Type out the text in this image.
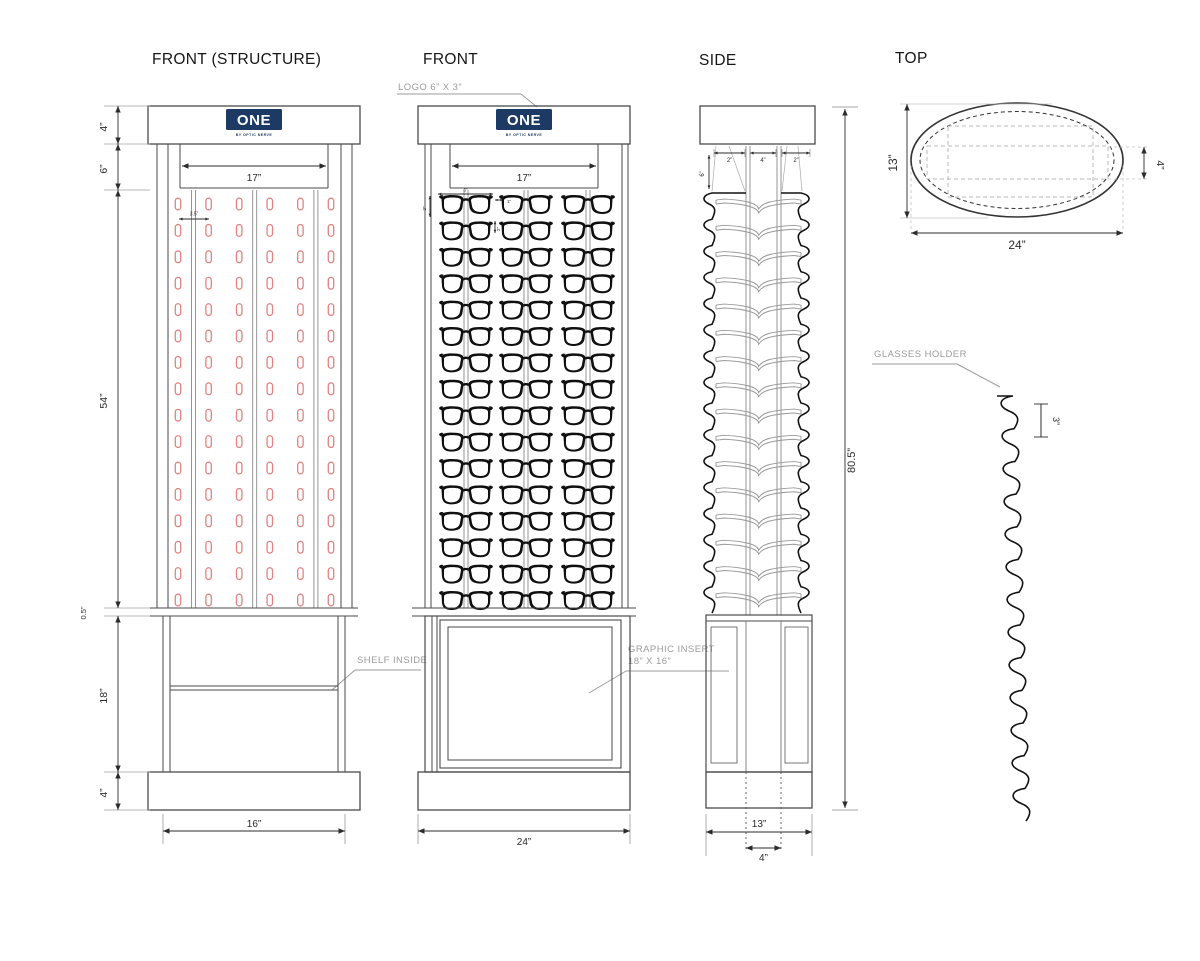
FRONT (STRUCTURE)
ONE
BY OPTIC NERVE
SHELF INSIDE
17”
3.5”
16”
4”
6”
54”
18”
4”
0.5”
FRONT
LOGO 6” X 3”
ONE
BY OPTIC NERVE
GRAPHIC INSERT
18” X 16”
17”
2”
6”
1”
2”
24”
SIDE
2”	4”	2”
6”
13”
4”
80.5”
TOP
13”
24”
4”
GLASSES HOLDER
3”
